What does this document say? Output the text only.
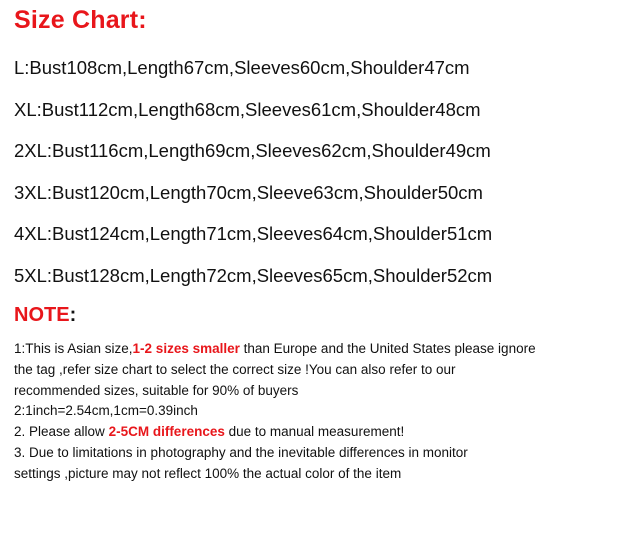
Size Chart:
L:Bust108cm,Length67cm,Sleeves60cm,Shoulder47cm
XL:Bust112cm,Length68cm,Sleeves61cm,Shoulder48cm
2XL:Bust116cm,Length69cm,Sleeves62cm,Shoulder49cm
3XL:Bust120cm,Length70cm,Sleeve63cm,Shoulder50cm
4XL:Bust124cm,Length71cm,Sleeves64cm,Shoulder51cm
5XL:Bust128cm,Length72cm,Sleeves65cm,Shoulder52cm
NOTE:
1:This is Asian size,1-2 sizes smaller than Europe and the United States please ignore
the tag ,refer size chart to select the correct size !You can also refer to our
recommended sizes, suitable for 90% of buyers
2:1inch=2.54cm,1cm=0.39inch
2. Please allow 2-5CM differences due to manual measurement!
3. Due to limitations in photography and the inevitable differences in monitor
settings ,picture may not reflect 100% the actual color of the item
